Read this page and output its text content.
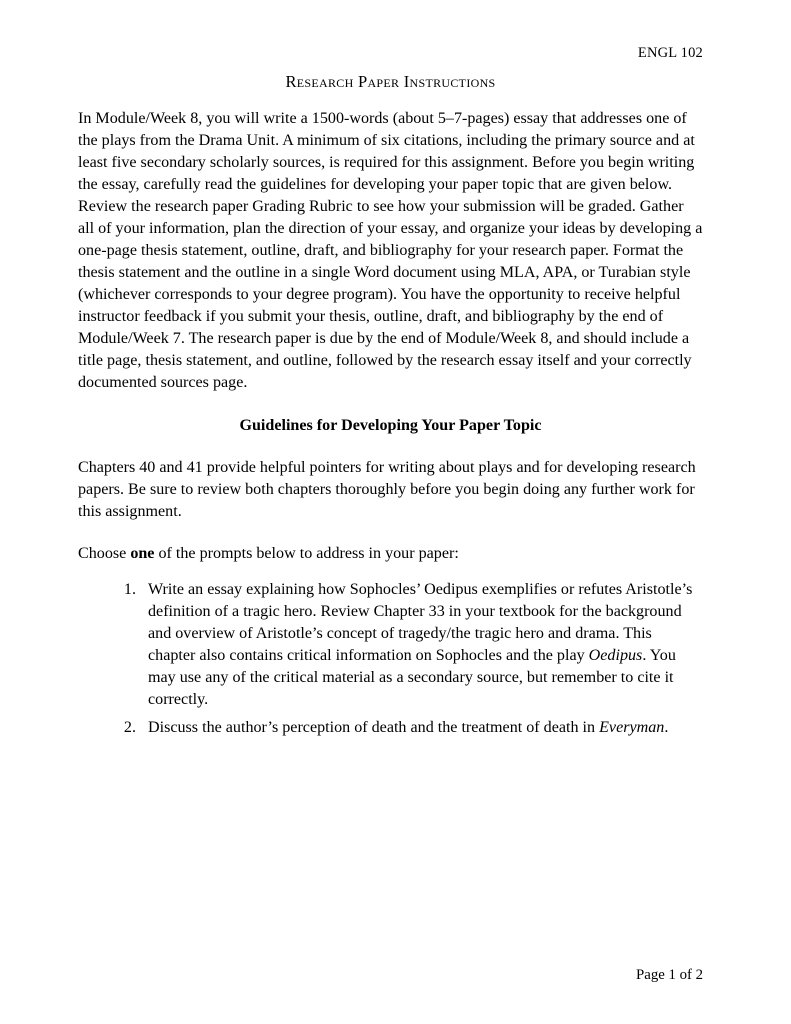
ENGL 102
Research Paper Instructions

In Module/Week 8, you will write a 1500-words (about 5–7-pages) essay that addresses one of the plays from the Drama Unit. A minimum of six citations, including the primary source and at least five secondary scholarly sources, is required for this assignment. Before you begin writing the essay, carefully read the guidelines for developing your paper topic that are given below. Review the research paper Grading Rubric to see how your submission will be graded. Gather all of your information, plan the direction of your essay, and organize your ideas by developing a one-page thesis statement, outline, draft, and bibliography for your research paper. Format the thesis statement and the outline in a single Word document using MLA, APA, or Turabian style (whichever corresponds to your degree program). You have the opportunity to receive helpful instructor feedback if you submit your thesis, outline, draft, and bibliography by the end of Module/Week 7. The research paper is due by the end of Module/Week 8, and should include a title page, thesis statement, and outline, followed by the research essay itself and your correctly documented sources page.

Guidelines for Developing Your Paper Topic

Chapters 40 and 41 provide helpful pointers for writing about plays and for developing research papers. Be sure to review both chapters thoroughly before you begin doing any further work for this assignment.

Choose one of the prompts below to address in your paper:

1. Write an essay explaining how Sophocles’ Oedipus exemplifies or refutes Aristotle’s definition of a tragic hero. Review Chapter 33 in your textbook for the background and overview of Aristotle’s concept of tragedy/the tragic hero and drama. This chapter also contains critical information on Sophocles and the play Oedipus. You may use any of the critical material as a secondary source, but remember to cite it correctly.
2. Discuss the author’s perception of death and the treatment of death in Everyman.
Page 1 of 2
